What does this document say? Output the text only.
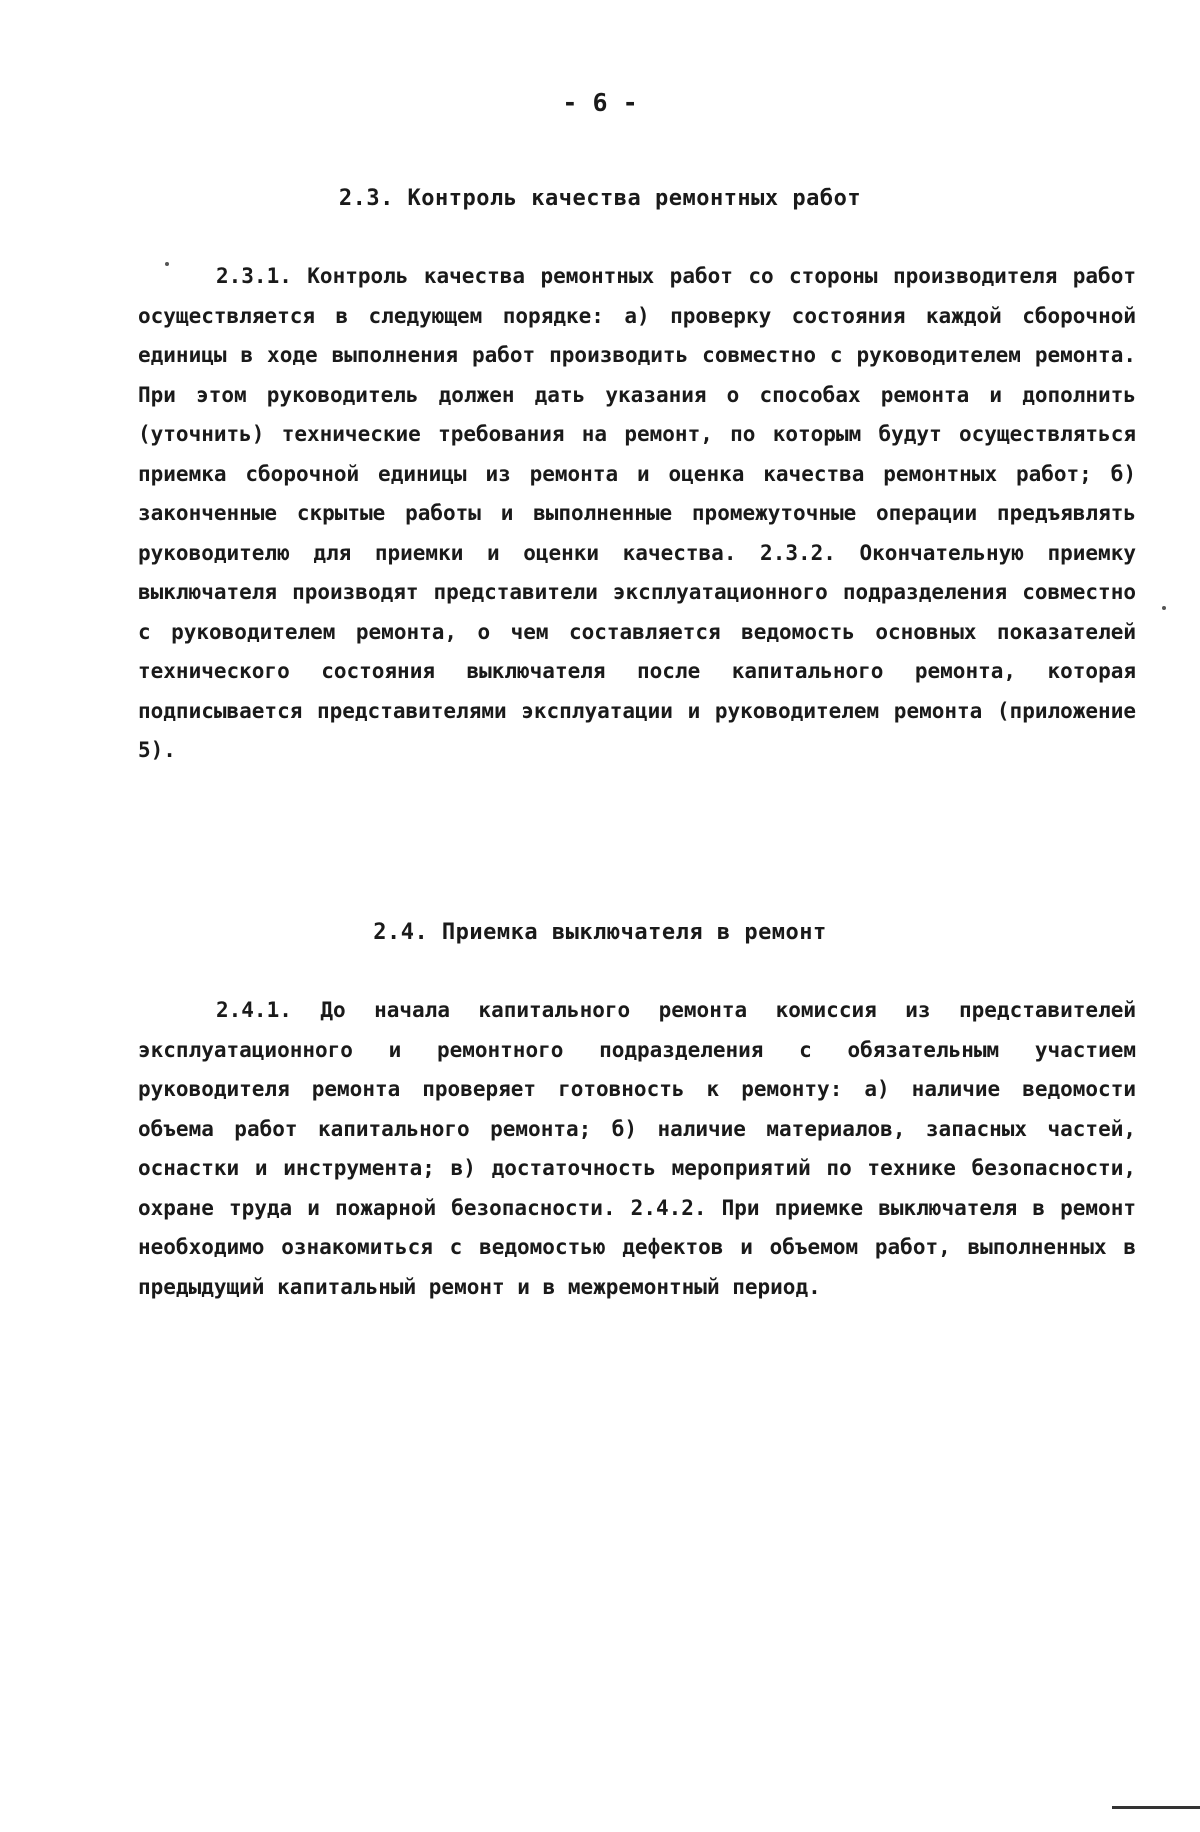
- 6 -
2.3. Контроль качества ремонтных работ

2.3.1. Контроль качества ремонтных работ со стороны производителя работ осуществляется в следующем порядке: а) проверку состояния каждой сборочной единицы в ходе выполнения работ производить совместно с руководителем ремонта. При этом руководитель должен дать указания о способах ремонта и дополнить (уточнить) технические требования на ремонт, по которым будут осуществляться приемка сборочной единицы из ремонта и оценка качества ремонтных работ; б) законченные скрытые работы и выполненные промежуточные операции предъявлять руководителю для приемки и оценки качества. 2.3.2. Окончательную приемку выключателя производят представители эксплуатационного подразделения совместно с руководителем ремонта, о чем составляется ведомость основных показателей технического состояния выключателя после капитального ремонта, которая подписывается представителями эксплуатации и руководителем ремонта (приложение 5).

2.4. Приемка выключателя в ремонт

2.4.1. До начала капитального ремонта комиссия из представителей эксплуатационного и ремонтного подразделения с обязательным участием руководителя ремонта проверяет готовность к ремонту: а) наличие ведомости объема работ капитального ремонта; б) наличие материалов, запасных частей, оснастки и инструмента; в) достаточность мероприятий по технике безопасности, охране труда и пожарной безопасности. 2.4.2. При приемке выключателя в ремонт необходимо ознакомиться с ведомостью дефектов и объемом работ, выполненных в предыдущий капитальный ремонт и в межремонтный период.
